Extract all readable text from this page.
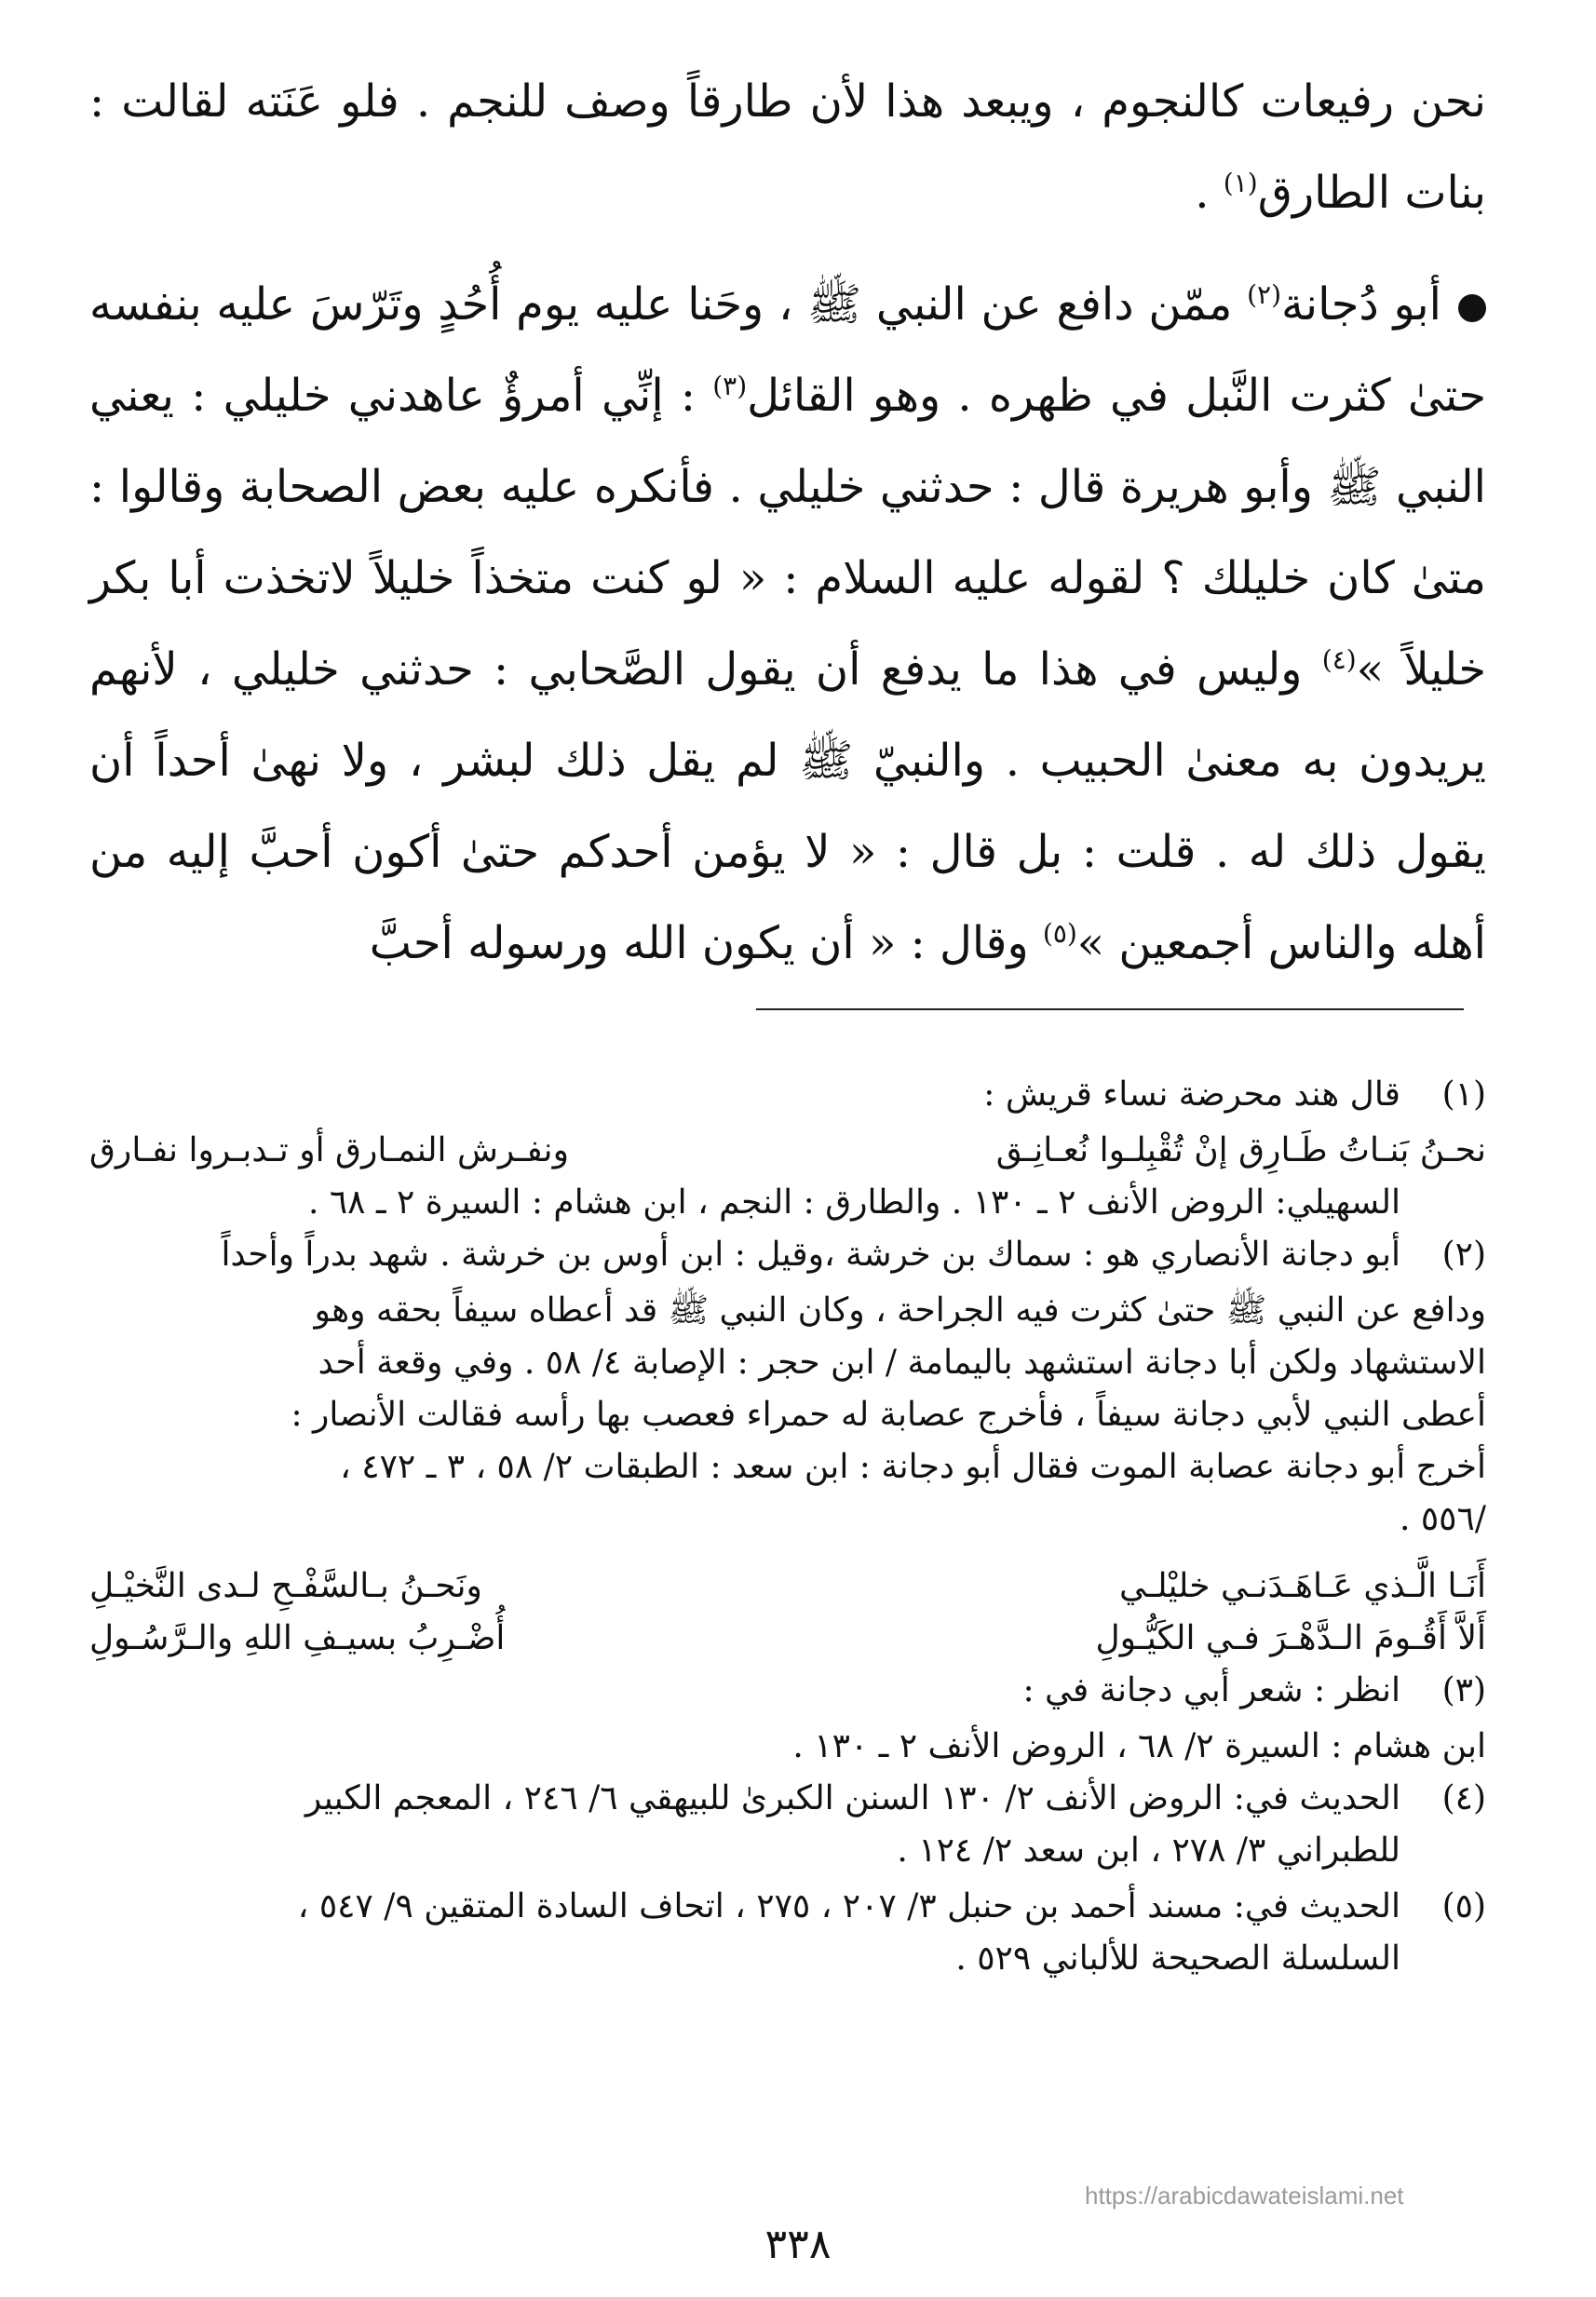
نحن رفيعات كالنجوم ، ويبعد هذا لأن طارقاً وصف للنجم . فلو عَنَته لقالت : بنات الطارق$^{(١)}$ .

أبو دُجانة$^{(٢)}$ ممّن دافع عن النبي ﷺ ، وحَنا عليه يوم أُحُدٍ وتَرّسَ عليه بنفسه حتىٰ كثرت النَّبل في ظهره . وهو القائل$^{(٣)}$ : إنِّي أمرؤٌ عاهدني خليلي : يعني النبي ﷺ وأبو هريرة قال : حدثني خليلي . فأنكره عليه بعض الصحابة وقالوا : متىٰ كان خليلك ؟ لقوله عليه السلام : « لو كنت متخذاً خليلاً لاتخذت أبا بكر خليلاً »$^{(٤)}$ وليس في هذا ما يدفع أن يقول الصَّحابي : حدثني خليلي ، لأنهم يريدون به معنىٰ الحبيب . والنبيّ ﷺ لم يقل ذلك لبشر ، ولا نهىٰ أحداً أن يقول ذلك له . قلت : بل قال : « لا يؤمن أحدكم حتىٰ أكون أحبَّ إليه من أهله والناس أجمعين »$^{(٥)}$ وقال : « أن يكون الله ورسوله أحبَّ

(١)
قال هند محرضة نساء قريش :
نحـنُ بَنـاتُ طَـارِق إنْ تُقْبِلـوا نُعـانِـق
ونفـرش النمـارق أو تـدبـروا نفـارق
السهيلي: الروض الأنف ٢ ـ ١٣٠ . والطارق : النجم ، ابن هشام : السيرة ٢ ـ ٦٨ .
(٢)
أبو دجانة الأنصاري هو : سماك بن خرشة ،وقيل : ابن أوس بن خرشة . شهد بدراً وأحداً
ودافع عن النبي ﷺ حتىٰ كثرت فيه الجراحة ، وكان النبي ﷺ قد أعطاه سيفاً بحقه وهو
الاستشهاد ولكن أبا دجانة استشهد باليمامة / ابن حجر : الإصابة ٤/ ٥٨ . وفي وقعة أحد
أعطى النبي لأبي دجانة سيفاً ، فأخرج عصابة له حمراء فعصب بها رأسه فقالت الأنصار :
أخرج أبو دجانة عصابة الموت فقال أبو دجانة : ابن سعد : الطبقات ٢/ ٥٨ ، ٣ ـ ٤٧٢ ،
/٥٥٦ .
أَنَـا الَّـذي عَـاهَـدَنـي خليْلـي
ونَحـنُ بـالسَّفْـحِ لـدى النَّخيْـلِ
أَلاَّ أَقُـومَ الـدَّهْـرَ فـي الكَيُّـولِ
أُضْـرِبُ بسيـفِ اللهِ والـرَّسُـولِ
(٣)
انظر : شعر أبي دجانة في :
ابن هشام : السيرة ٢/ ٦٨ ، الروض الأنف ٢ ـ ١٣٠ .
(٤)
الحديث في: الروض الأنف ٢/ ١٣٠ السنن الكبرىٰ للبيهقي ٦/ ٢٤٦ ، المعجم الكبير
للطبراني ٣/ ٢٧٨ ، ابن سعد ٢/ ١٢٤ .
(٥)
الحديث في: مسند أحمد بن حنبل ٣/ ٢٠٧ ، ٢٧٥ ، اتحاف السادة المتقين ٩/ ٥٤٧ ،
السلسلة الصحيحة للألباني ٥٢٩ .
https://arabicdawateislami.net
٣٣٨
